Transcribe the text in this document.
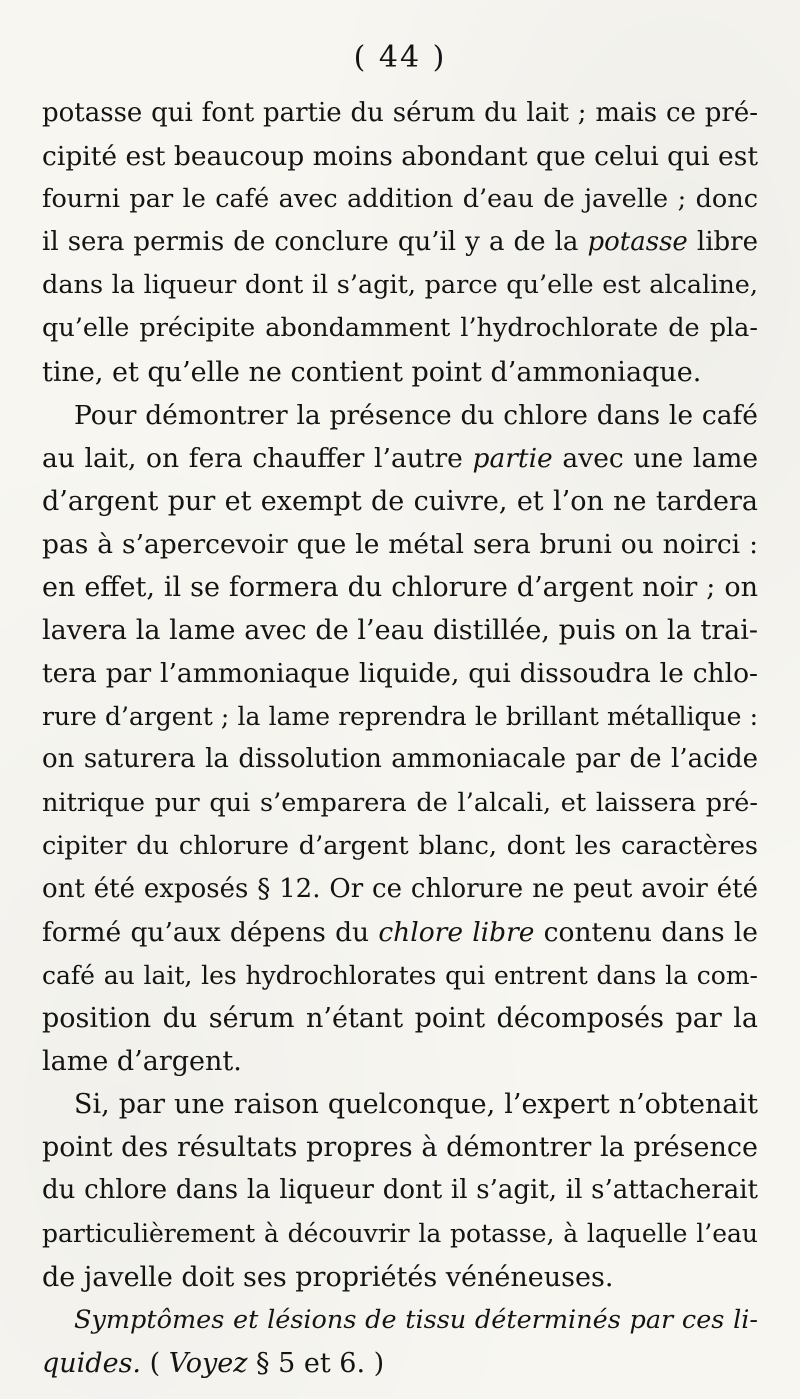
( 44 )
potasse qui font partie du sérum du lait ; mais ce pré-
cipité est beaucoup moins abondant que celui qui est
fourni par le café avec addition d’eau de javelle ; donc
il sera permis de conclure qu’il y a de la potasse libre
dans la liqueur dont il s’agit, parce qu’elle est alcaline,
qu’elle précipite abondamment l’hydrochlorate de pla-
tine, et qu’elle ne contient point d’ammoniaque.
Pour démontrer la présence du chlore dans le café
au lait, on fera chauffer l’autre partie avec une lame
d’argent pur et exempt de cuivre, et l’on ne tardera
pas à s’apercevoir que le métal sera bruni ou noirci :
en effet, il se formera du chlorure d’argent noir ; on
lavera la lame avec de l’eau distillée, puis on la trai-
tera par l’ammoniaque liquide, qui dissoudra le chlo-
rure d’argent ; la lame reprendra le brillant métallique :
on saturera la dissolution ammoniacale par de l’acide
nitrique pur qui s’emparera de l’alcali, et laissera pré-
cipiter du chlorure d’argent blanc, dont les caractères
ont été exposés § 12. Or ce chlorure ne peut avoir été
formé qu’aux dépens du chlore libre contenu dans le
café au lait, les hydrochlorates qui entrent dans la com-
position du sérum n’étant point décomposés par la
lame d’argent.
Si, par une raison quelconque, l’expert n’obtenait
point des résultats propres à démontrer la présence
du chlore dans la liqueur dont il s’agit, il s’attacherait
particulièrement à découvrir la potasse, à laquelle l’eau
de javelle doit ses propriétés vénéneuses.
Symptômes et lésions de tissu déterminés par ces li-
quides. ( Voyez § 5 et 6. )
